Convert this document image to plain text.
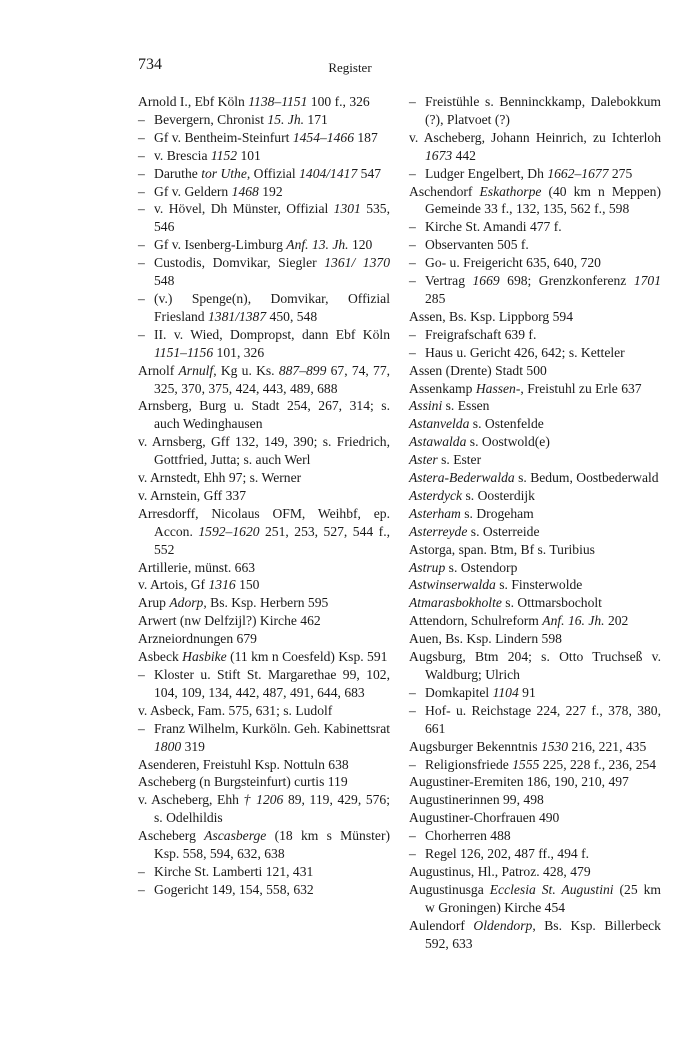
734	Register
Arnold I., Ebf Köln 1138–1151 100 f., 326
– Bevergern, Chronist 15. Jh. 171
– Gf v. Bentheim-Steinfurt 1454–1466 187
– v. Brescia 1152 101
– Daruthe tor Uthe, Offizial 1404/1417 547
– Gf v. Geldern 1468 192
– v. Hövel, Dh Münster, Offizial 1301 535, 546
– Gf v. Isenberg-Limburg Anf. 13. Jh. 120
– Custodis, Domvikar, Siegler 1361/ 1370 548
– (v.) Spenge(n), Domvikar, Offizial Friesland 1381/1387 450, 548
– II. v. Wied, Dompropst, dann Ebf Köln 1151–1156 101, 326
Arnolf Arnulf, Kg u. Ks. 887–899 67, 74, 77, 325, 370, 375, 424, 443, 489, 688
Arnsberg, Burg u. Stadt 254, 267, 314; s. auch Wedinghausen
v. Arnsberg, Gff 132, 149, 390; s. Friedrich, Gottfried, Jutta; s. auch Werl
v. Arnstedt, Ehh 97; s. Werner
v. Arnstein, Gff 337
Arresdorff, Nicolaus OFM, Weihbf, ep. Accon. 1592–1620 251, 253, 527, 544 f., 552
Artillerie, münst. 663
v. Artois, Gf 1316 150
Arup Adorp, Bs. Ksp. Herbern 595
Arwert (nw Delfzijl?) Kirche 462
Arzneiordnungen 679
Asbeck Hasbike (11 km n Coesfeld) Ksp. 591
– Kloster u. Stift St. Margarethae 99, 102, 104, 109, 134, 442, 487, 491, 644, 683
v. Asbeck, Fam. 575, 631; s. Ludolf
– Franz Wilhelm, Kurköln. Geh. Kabinettsrat 1800 319
Asenderen, Freistuhl Ksp. Nottuln 638
Ascheberg (n Burgsteinfurt) curtis 119
v. Ascheberg, Ehh † 1206 89, 119, 429, 576; s. Odelhildis
Ascheberg Ascasberge (18 km s Münster) Ksp. 558, 594, 632, 638
– Kirche St. Lamberti 121, 431
– Gogericht 149, 154, 558, 632
– Freistühle s. Benninckkamp, Dalebokkum (?), Platvoet (?)
v. Ascheberg, Johann Heinrich, zu Ichterloh 1673 442
– Ludger Engelbert, Dh 1662–1677 275
Aschendorf Eskathorpe (40 km n Meppen) Gemeinde 33 f., 132, 135, 562 f., 598
– Kirche St. Amandi 477 f.
– Observanten 505 f.
– Go- u. Freigericht 635, 640, 720
– Vertrag 1669 698; Grenzkonferenz 1701 285
Assen, Bs. Ksp. Lippborg 594
– Freigrafschaft 639 f.
– Haus u. Gericht 426, 642; s. Ketteler
Assen (Drente) Stadt 500
Assenkamp Hassen-, Freistuhl zu Erle 637
Assini s. Essen
Astanvelda s. Ostenfelde
Astawalda s. Oostwold(e)
Aster s. Ester
Astera-Bederwalda s. Bedum, Oostbederwald
Asterdyck s. Oosterdijk
Asterham s. Drogeham
Asterreyde s. Osterreide
Astorga, span. Btm, Bf s. Turibius
Astrup s. Ostendorp
Astwinserwalda s. Finsterwolde
Atmarasbokholte s. Ottmarsbocholt
Attendorn, Schulreform Anf. 16. Jh. 202
Auen, Bs. Ksp. Lindern 598
Augsburg, Btm 204; s. Otto Truchseß v. Waldburg; Ulrich
– Domkapitel 1104 91
– Hof- u. Reichstage 224, 227 f., 378, 380, 661
Augsburger Bekenntnis 1530 216, 221, 435
– Religionsfriede 1555 225, 228 f., 236, 254
Augustiner-Eremiten 186, 190, 210, 497
Augustinerinnen 99, 498
Augustiner-Chorfrauen 490
– Chorherren 488
– Regel 126, 202, 487 ff., 494 f.
Augustinus, Hl., Patroz. 428, 479
Augustinusga Ecclesia St. Augustini (25 km w Groningen) Kirche 454
Aulendorf Oldendorp, Bs. Ksp. Billerbeck 592, 633
